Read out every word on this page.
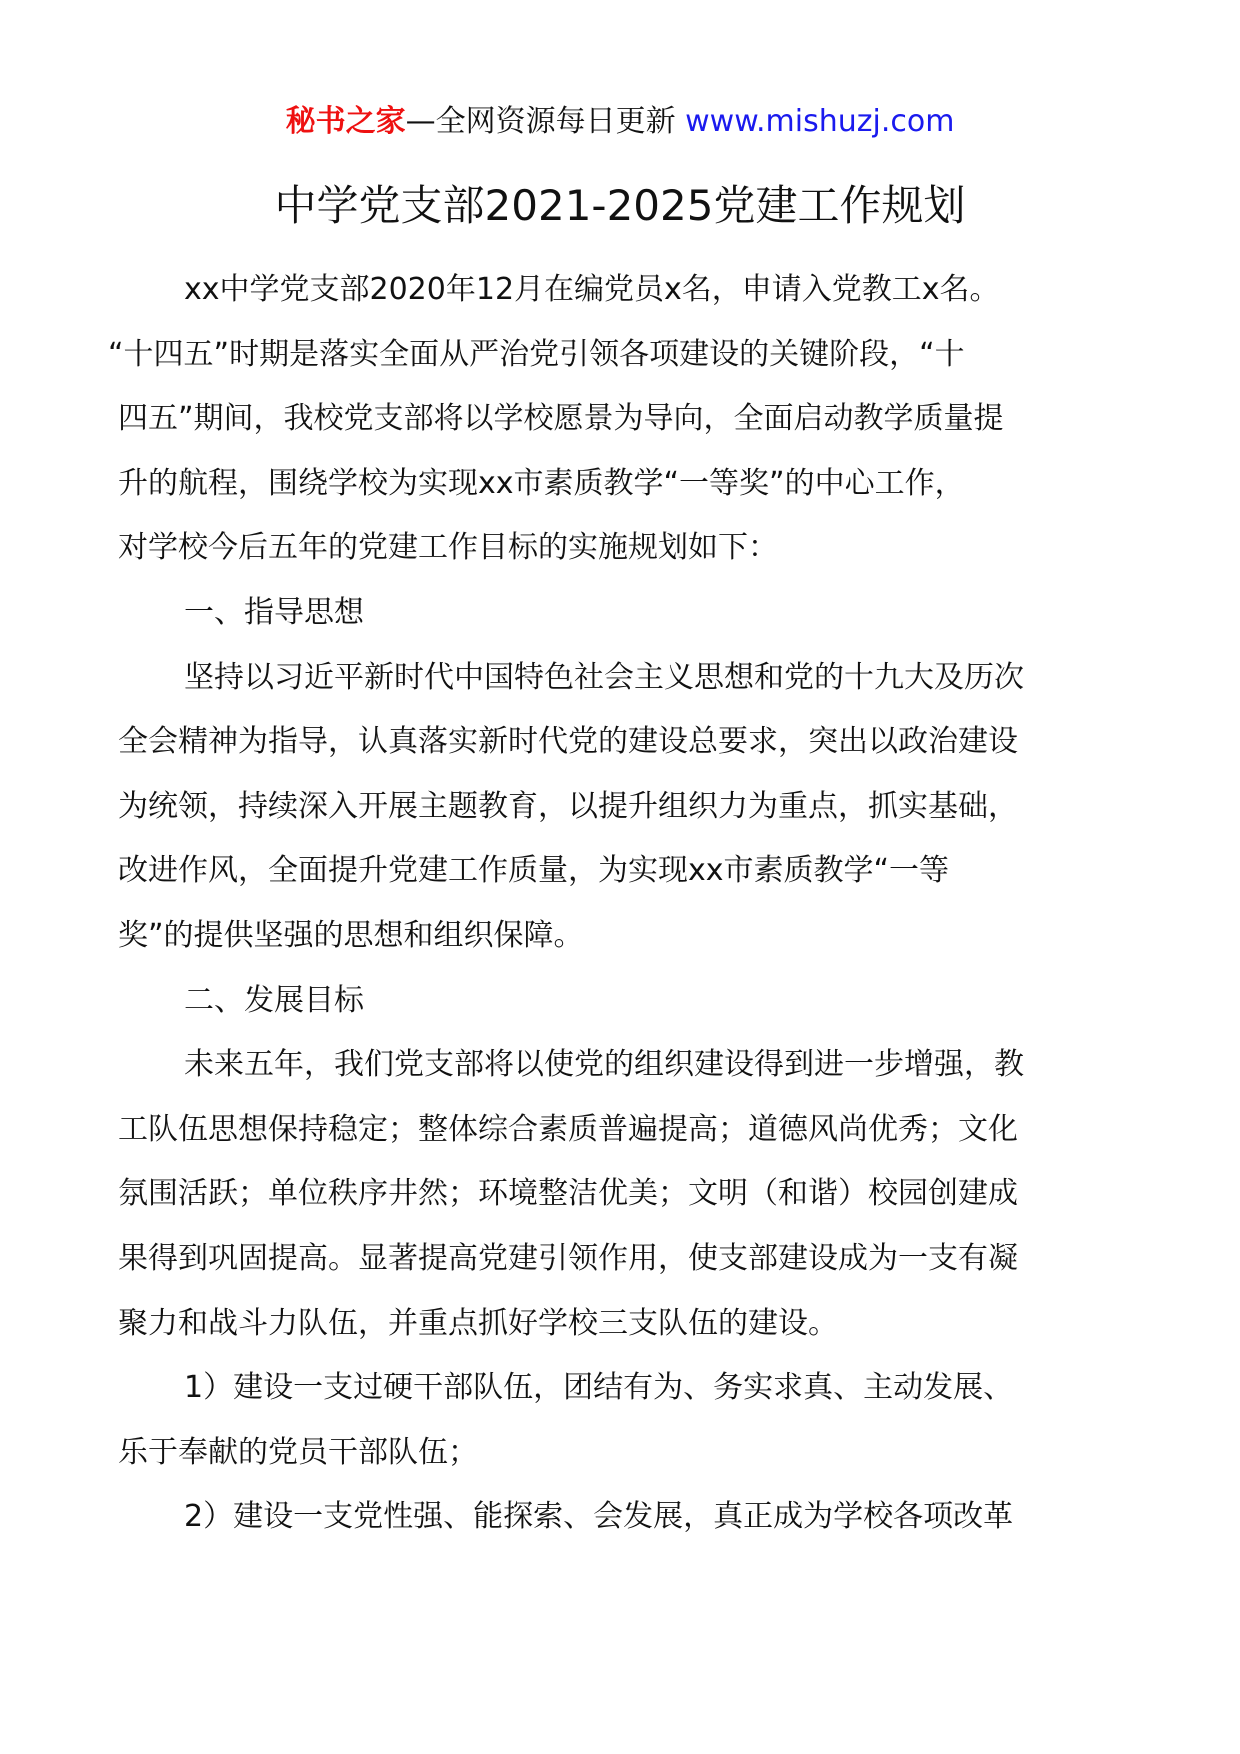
秘书之家—全网资源每日更新 www.mishuzj.com
中学党支部2021-2025党建工作规划
xx中学党支部2020年12月在编党员x名，申请入党教工x名。
“十四五”时期是落实全面从严治党引领各项建设的关键阶段，“十
四五”期间，我校党支部将以学校愿景为导向，全面启动教学质量提
升的航程，围绕学校为实现xx市素质教学“一等奖”的中心工作，
对学校今后五年的党建工作目标的实施规划如下：
一、指导思想
坚持以习近平新时代中国特色社会主义思想和党的十九大及历次
全会精神为指导，认真落实新时代党的建设总要求，突出以政治建设
为统领，持续深入开展主题教育，以提升组织力为重点，抓实基础，
改进作风，全面提升党建工作质量，为实现xx市素质教学“一等
奖”的提供坚强的思想和组织保障。
二、发展目标
未来五年，我们党支部将以使党的组织建设得到进一步增强，教
工队伍思想保持稳定；整体综合素质普遍提高；道德风尚优秀；文化
氛围活跃；单位秩序井然；环境整洁优美；文明（和谐）校园创建成
果得到巩固提高。显著提高党建引领作用，使支部建设成为一支有凝
聚力和战斗力队伍，并重点抓好学校三支队伍的建设。
1）建设一支过硬干部队伍，团结有为、务实求真、主动发展、
乐于奉献的党员干部队伍；
2）建设一支党性强、能探索、会发展，真正成为学校各项改革
